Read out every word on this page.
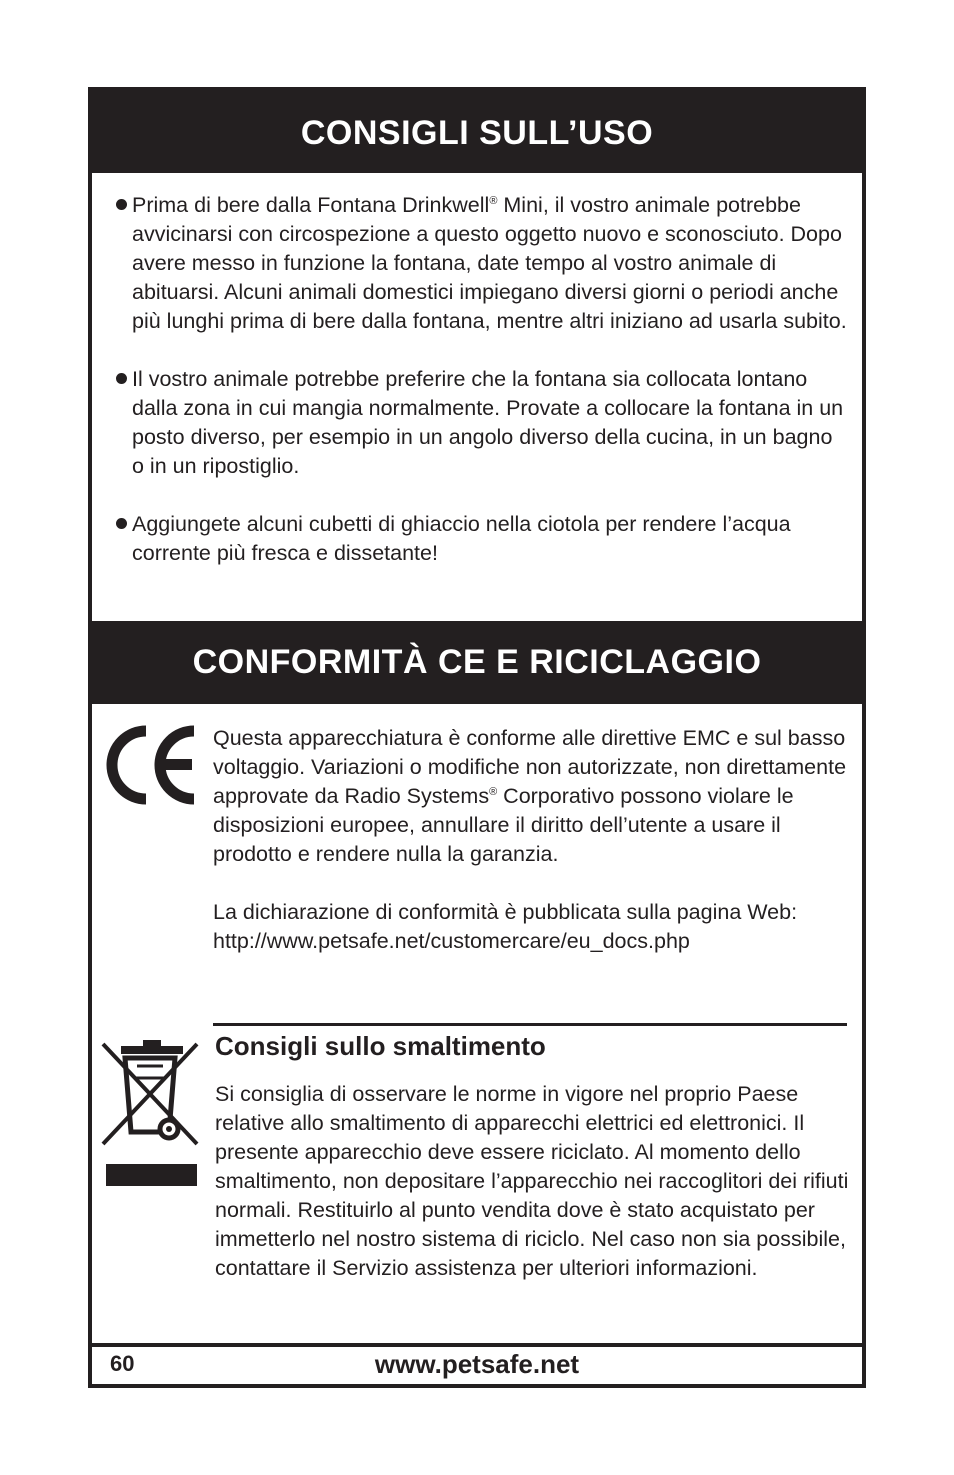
CONSIGLI SULL’USO
Prima di bere dalla Fontana Drinkwell® Mini, il vostro animale potrebbe avvicinarsi con circospezione a questo oggetto nuovo e sconosciuto. Dopo avere messo in funzione la fontana, date tempo al vostro animale di abituarsi. Alcuni animali domestici impiegano diversi giorni o periodi anche più lunghi prima di bere dalla fontana, mentre altri iniziano ad usarla subito.
Il vostro animale potrebbe preferire che la fontana sia collocata lontano dalla zona in cui mangia normalmente. Provate a collocare la fontana in un posto diverso, per esempio in un angolo diverso della cucina, in un bagno o in un ripostiglio.
Aggiungete alcuni cubetti di ghiaccio nella ciotola per rendere l’acqua corrente più fresca e dissetante!
CONFORMITÀ CE E RICICLAGGIO

Questa apparecchiatura è conforme alle direttive EMC e sul basso voltaggio. Variazioni o modifiche non autorizzate, non direttamente approvate da Radio Systems® Corporativo possono violare le disposizioni europee, annullare il diritto dell’utente a usare il prodotto e rendere nulla la garanzia.

La dichiarazione di conformità è pubblicata sulla pagina Web:
http://www.petsafe.net/customercare/eu_docs.php

Consigli sullo smaltimento
Si consiglia di osservare le norme in vigore nel proprio Paese relative allo smaltimento di apparecchi elettrici ed elettronici. Il presente apparecchio deve essere riciclato. Al momento dello smaltimento, non depositare l’apparecchio nei raccoglitori dei rifiuti normali. Restituirlo al punto vendita dove è stato acquistato per immetterlo nel nostro sistema di riciclo. Nel caso non sia possibile, contattare il Servizio assistenza per ulteriori informazioni.
60	www.petsafe.net
